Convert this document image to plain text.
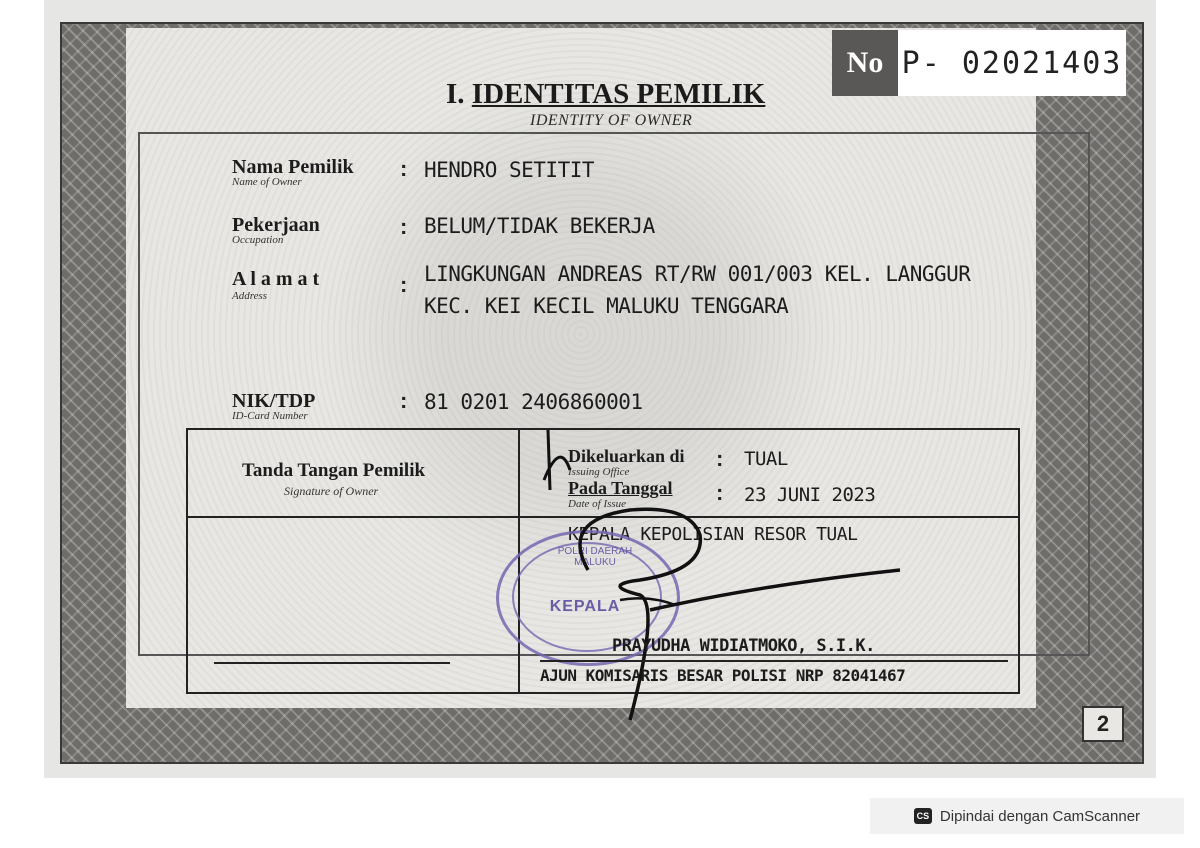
No P- 02021403
I. IDENTITAS PEMILIK
IDENTITY OF OWNER
Nama Pemilik
Name of Owner
: HENDRO SETITIT
Pekerjaan
Occupation
: BELUM/TIDAK BEKERJA
A l a m a t
Address	: LINGKUNGAN ANDREAS RT/RW 001/003 KEL. LANGGUR
KEC. KEI KECIL MALUKU TENGGARA
NIK/TDP
ID-Card Number
: 81 0201 2406860001
Tanda Tangan Pemilik
Signature of Owner
Dikeluarkan di
Issuing Office
: TUAL
Pada Tanggal
Date of Issue	: 23 JUNI 2023
KEPALA KEPOLISIAN RESOR TUAL
POLRI DAERAH MALUKU
KEPALA
PRAYUDHA WIDIATMOKO, S.I.K.
AJUN KOMISARIS BESAR POLISI NRP 82041467
2
CS Dipindai dengan CamScanner
